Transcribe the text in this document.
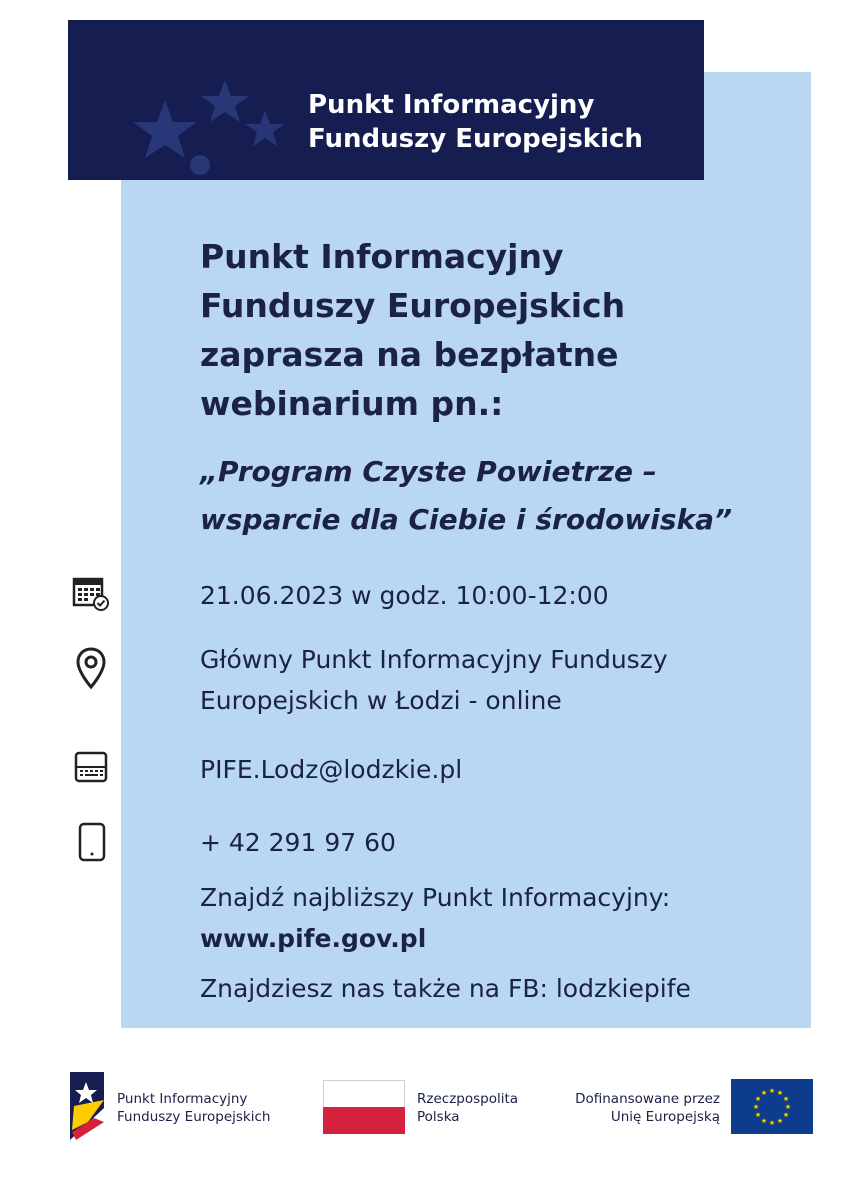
Punkt Informacyjny
Funduszy Europejskich
Punkt Informacyjny
Funduszy Europejskich
zaprasza na bezpłatne
webinarium pn.:
„Program Czyste Powietrze –
wsparcie dla Ciebie i środowiska”
21.06.2023 w godz. 10:00-12:00
Główny Punkt Informacyjny Funduszy
Europejskich w Łodzi - online
PIFE.Lodz@lodzkie.pl
+ 42 291 97 60
Znajdź najbliższy Punkt Informacyjny:
www.pife.gov.pl
Znajdziesz nas także na FB: lodzkiepife
Punkt Informacyjny
Funduszy Europejskich
Rzeczpospolita
Polska
Dofinansowane przez
Unię Europejską
★ ★
★
★
★
★
★
★
★
★
★
★
